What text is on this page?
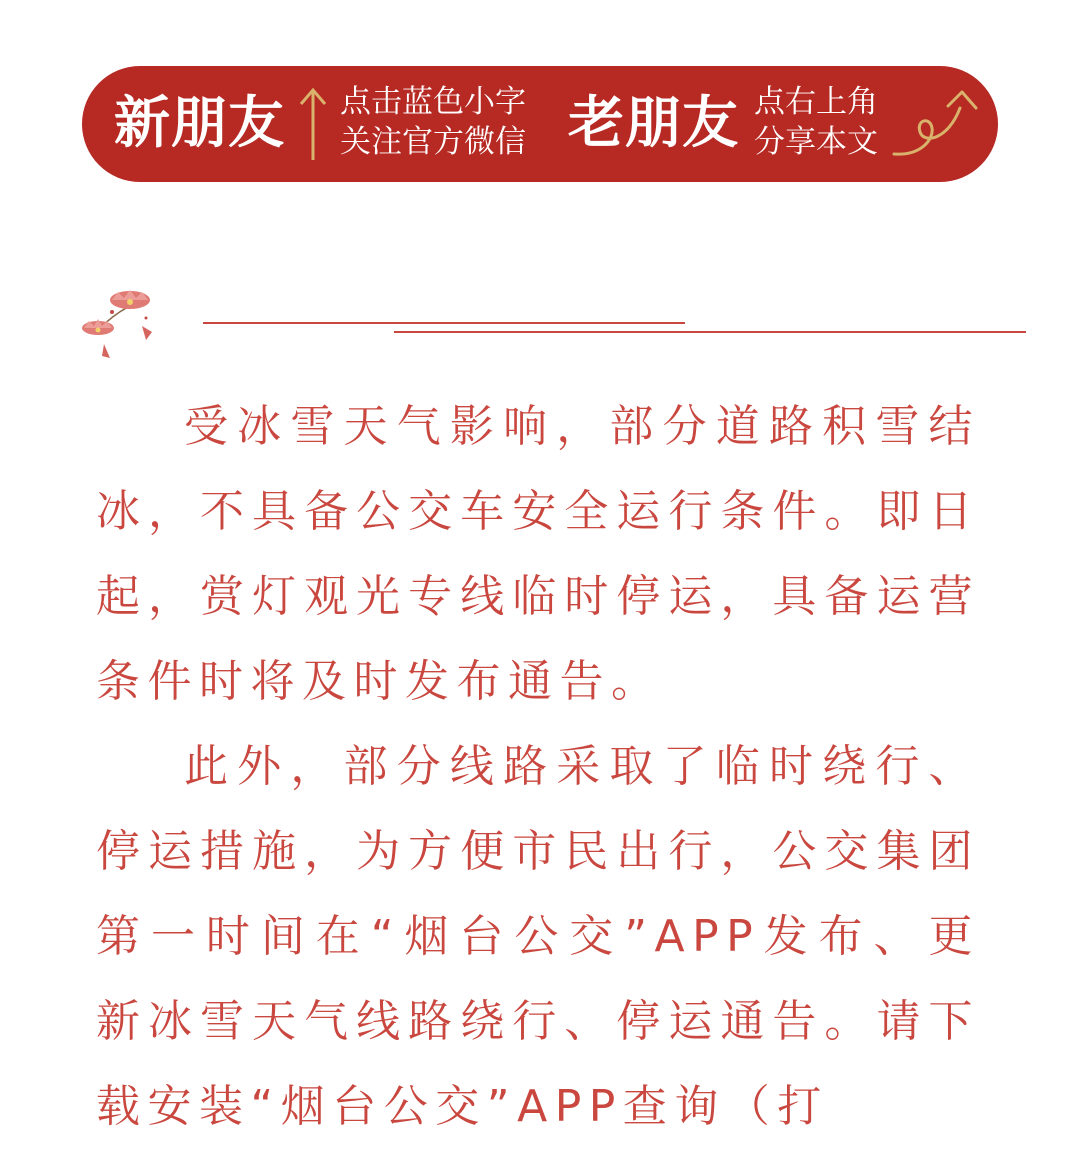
新朋友 点击蓝色小字
关注官方微信 老朋友 点右上角
分享本文

受冰雪天气影响，部分道路积雪结冰，不具备公交车安全运行条件。即日起，赏灯观光专线临时停运，具备运营条件时将及时发布通告。

此外，部分线路采取了临时绕行、停运措施，为方便市民出行，公交集团第一时间在“烟台公交”APP发布、更新冰雪天气线路绕行、停运通告。请下载安装“烟台公交”APP查询（打
